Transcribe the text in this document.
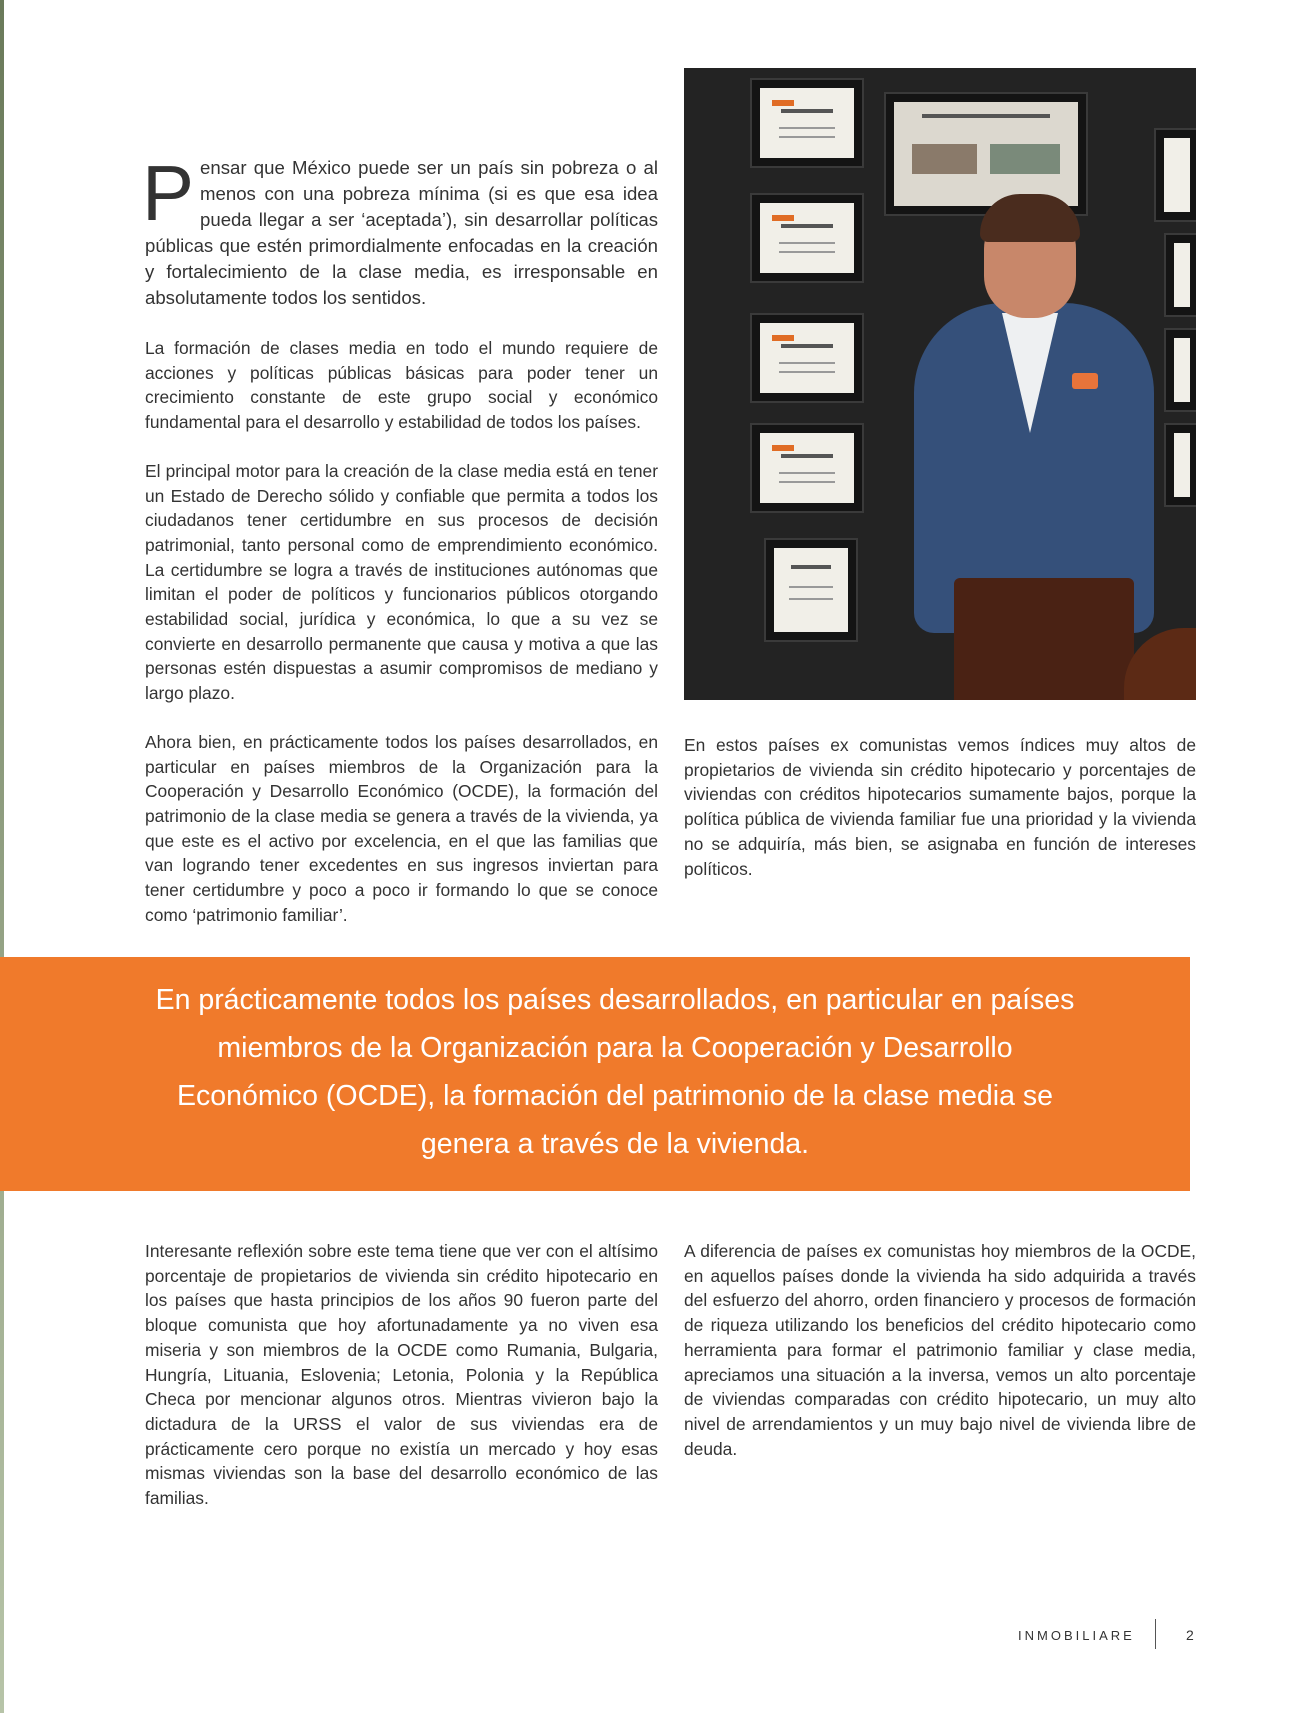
Pensar que México puede ser un país sin pobreza o al menos con una pobreza mínima (si es que esa idea pueda llegar a ser ‘aceptada’), sin desarrollar políticas públicas que estén primordialmente enfocadas en la creación y fortalecimiento de la clase media, es irresponsable en absolutamente todos los sentidos.

La formación de clases media en todo el mundo requiere de acciones y políticas públicas básicas para poder tener un crecimiento constante de este grupo social y económico fundamental para el desarrollo y estabilidad de todos los países.

El principal motor para la creación de la clase media está en tener un Estado de Derecho sólido y confiable que permita a todos los ciudadanos tener certidumbre en sus procesos de decisión patrimonial, tanto personal como de emprendimiento económico. La certidumbre se logra a través de instituciones autónomas que limitan el poder de políticos y funcionarios públicos otorgando estabilidad social, jurídica y económica, lo que a su vez se convierte en desarrollo permanente que causa y motiva a que las personas estén dispuestas a asumir compromisos de mediano y largo plazo.

Ahora bien, en prácticamente todos los países desarrollados, en particular en países miembros de la Organización para la Cooperación y Desarrollo Económico (OCDE), la formación del patrimonio de la clase media se genera a través de la vivienda, ya que este es el activo por excelencia, en el que las familias que van logrando tener excedentes en sus ingresos inviertan para tener certidumbre y poco a poco ir formando lo que se conoce como ‘patrimonio familiar’.

En estos países ex comunistas vemos índices muy altos de propietarios de vivienda sin crédito hipotecario y porcentajes de viviendas con créditos hipotecarios sumamente bajos, porque la política pública de vivienda familiar fue una prioridad y la vivienda no se adquiría, más bien, se asignaba en función de intereses políticos.

En prácticamente todos los países desarrollados, en particular en países miembros de la Organización para la Cooperación y Desarrollo Económico (OCDE), la formación del patrimonio de la clase media se genera a través de la vivienda.

Interesante reflexión sobre este tema tiene que ver con el altísimo porcentaje de propietarios de vivienda sin crédito hipotecario en los países que hasta principios de los años 90 fueron parte del bloque comunista que hoy afortunadamente ya no viven esa miseria y son miembros de la OCDE como Rumania, Bulgaria, Hungría, Lituania, Eslovenia; Letonia, Polonia y la República Checa por mencionar algunos otros. Mientras vivieron bajo la dictadura de la URSS el valor de sus viviendas era de prácticamente cero porque no existía un mercado y hoy esas mismas viviendas son la base del desarrollo económico de las familias.

A diferencia de países ex comunistas hoy miembros de la OCDE, en aquellos países donde la vivienda ha sido adquirida a través del esfuerzo del ahorro, orden financiero y procesos de formación de riqueza utilizando los beneficios del crédito hipotecario como herramienta para formar el patrimonio familiar y clase media, apreciamos una situación a la inversa, vemos un alto porcentaje de viviendas comparadas con crédito hipotecario, un muy alto nivel de arrendamientos y un muy bajo nivel de vivienda libre de deuda.

INMOBILIARE	2
